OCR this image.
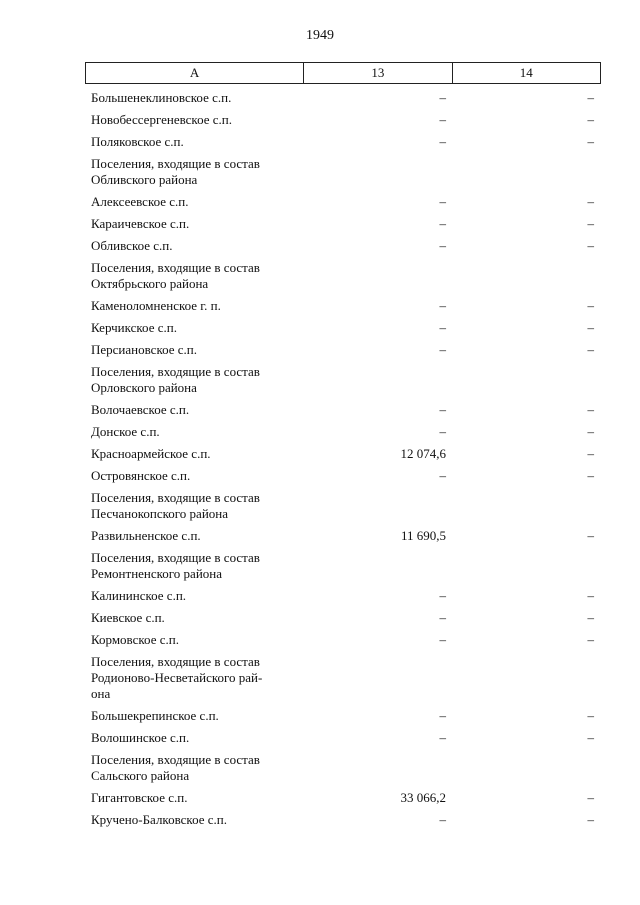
1949
А	13	14
Большенеклиновское с.п.	–	–
Новобессергеневское с.п.	–	–
Поляковское с.п.	–	–
Поселения, входящие в состав
Обливского района
Алексеевское с.п.	–	–
Караичевское с.п.	–	–
Обливское с.п.	–	–
Поселения, входящие в состав
Октябрьского района
Каменоломненское г. п.	–	–
Керчикское с.п.	–	–
Персиановское с.п.	–	–
Поселения, входящие в состав
Орловского района
Волочаевское с.п.	–	–
Донское с.п.	–	–
Красноармейское с.п.	12 074,6	–
Островянское с.п.	–	–
Поселения, входящие в состав
Песчанокопского района
Развильненское с.п.	11 690,5	–
Поселения, входящие в состав
Ремонтненского района
Калининское с.п.	–	–
Киевское с.п.	–	–
Кормовское с.п.	–	–
Поселения, входящие в состав
Родионово-Несветайского рай-
она
Большекрепинское с.п.	–	–
Волошинское с.п.	–	–
Поселения, входящие в состав
Сальского района
Гигантовское с.п.	33 066,2	–
Кручено-Балковское с.п.	–	–
